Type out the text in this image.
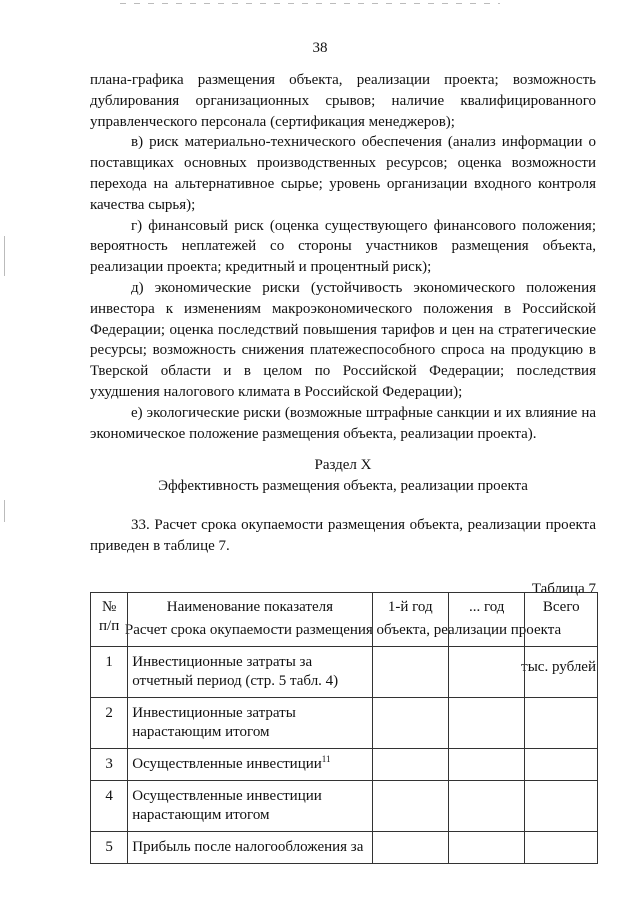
38

плана-графика размещения объекта, реализации проекта; возможность дублирования организационных срывов; наличие квалифицированного управленческого персонала (сертификация менеджеров);

в) риск материально-технического обеспечения (анализ информации о поставщиках основных производственных ресурсов; оценка возможности перехода на альтернативное сырье; уровень организации входного контроля качества сырья);

г) финансовый риск (оценка существующего финансового положения; вероятность неплатежей со стороны участников размещения объекта, реализации проекта; кредитный и процентный риск);

д) экономические риски (устойчивость экономического положения инвестора к изменениям макроэкономического положения в Российской Федерации; оценка последствий повышения тарифов и цен на стратегические ресурсы; возможность снижения платежеспособного спроса на продукцию в Тверской области и в целом по Российской Федерации; последствия ухудшения налогового климата в Российской Федерации);

е) экологические риски (возможные штрафные санкции и их влияние на экономическое положение размещения объекта, реализации проекта).

Раздел X

Эффективность размещения объекта, реализации проекта

33. Расчет срока окупаемости размещения объекта, реализации проекта приведен в таблице 7.

Таблица 7

Расчет срока окупаемости размещения объекта, реализации проекта

тыс. рублей

№ п/п	Наименование показателя	1-й год	... год	Всего
1	Инвестиционные затраты за отчетный период (стр. 5 табл. 4)			
2	Инвестиционные затраты нарастающим итогом			
3	Осуществленные инвестиции$^{11}$			
4	Осуществленные инвестиции нарастающим итогом			
5	Прибыль после налогообложения за			
